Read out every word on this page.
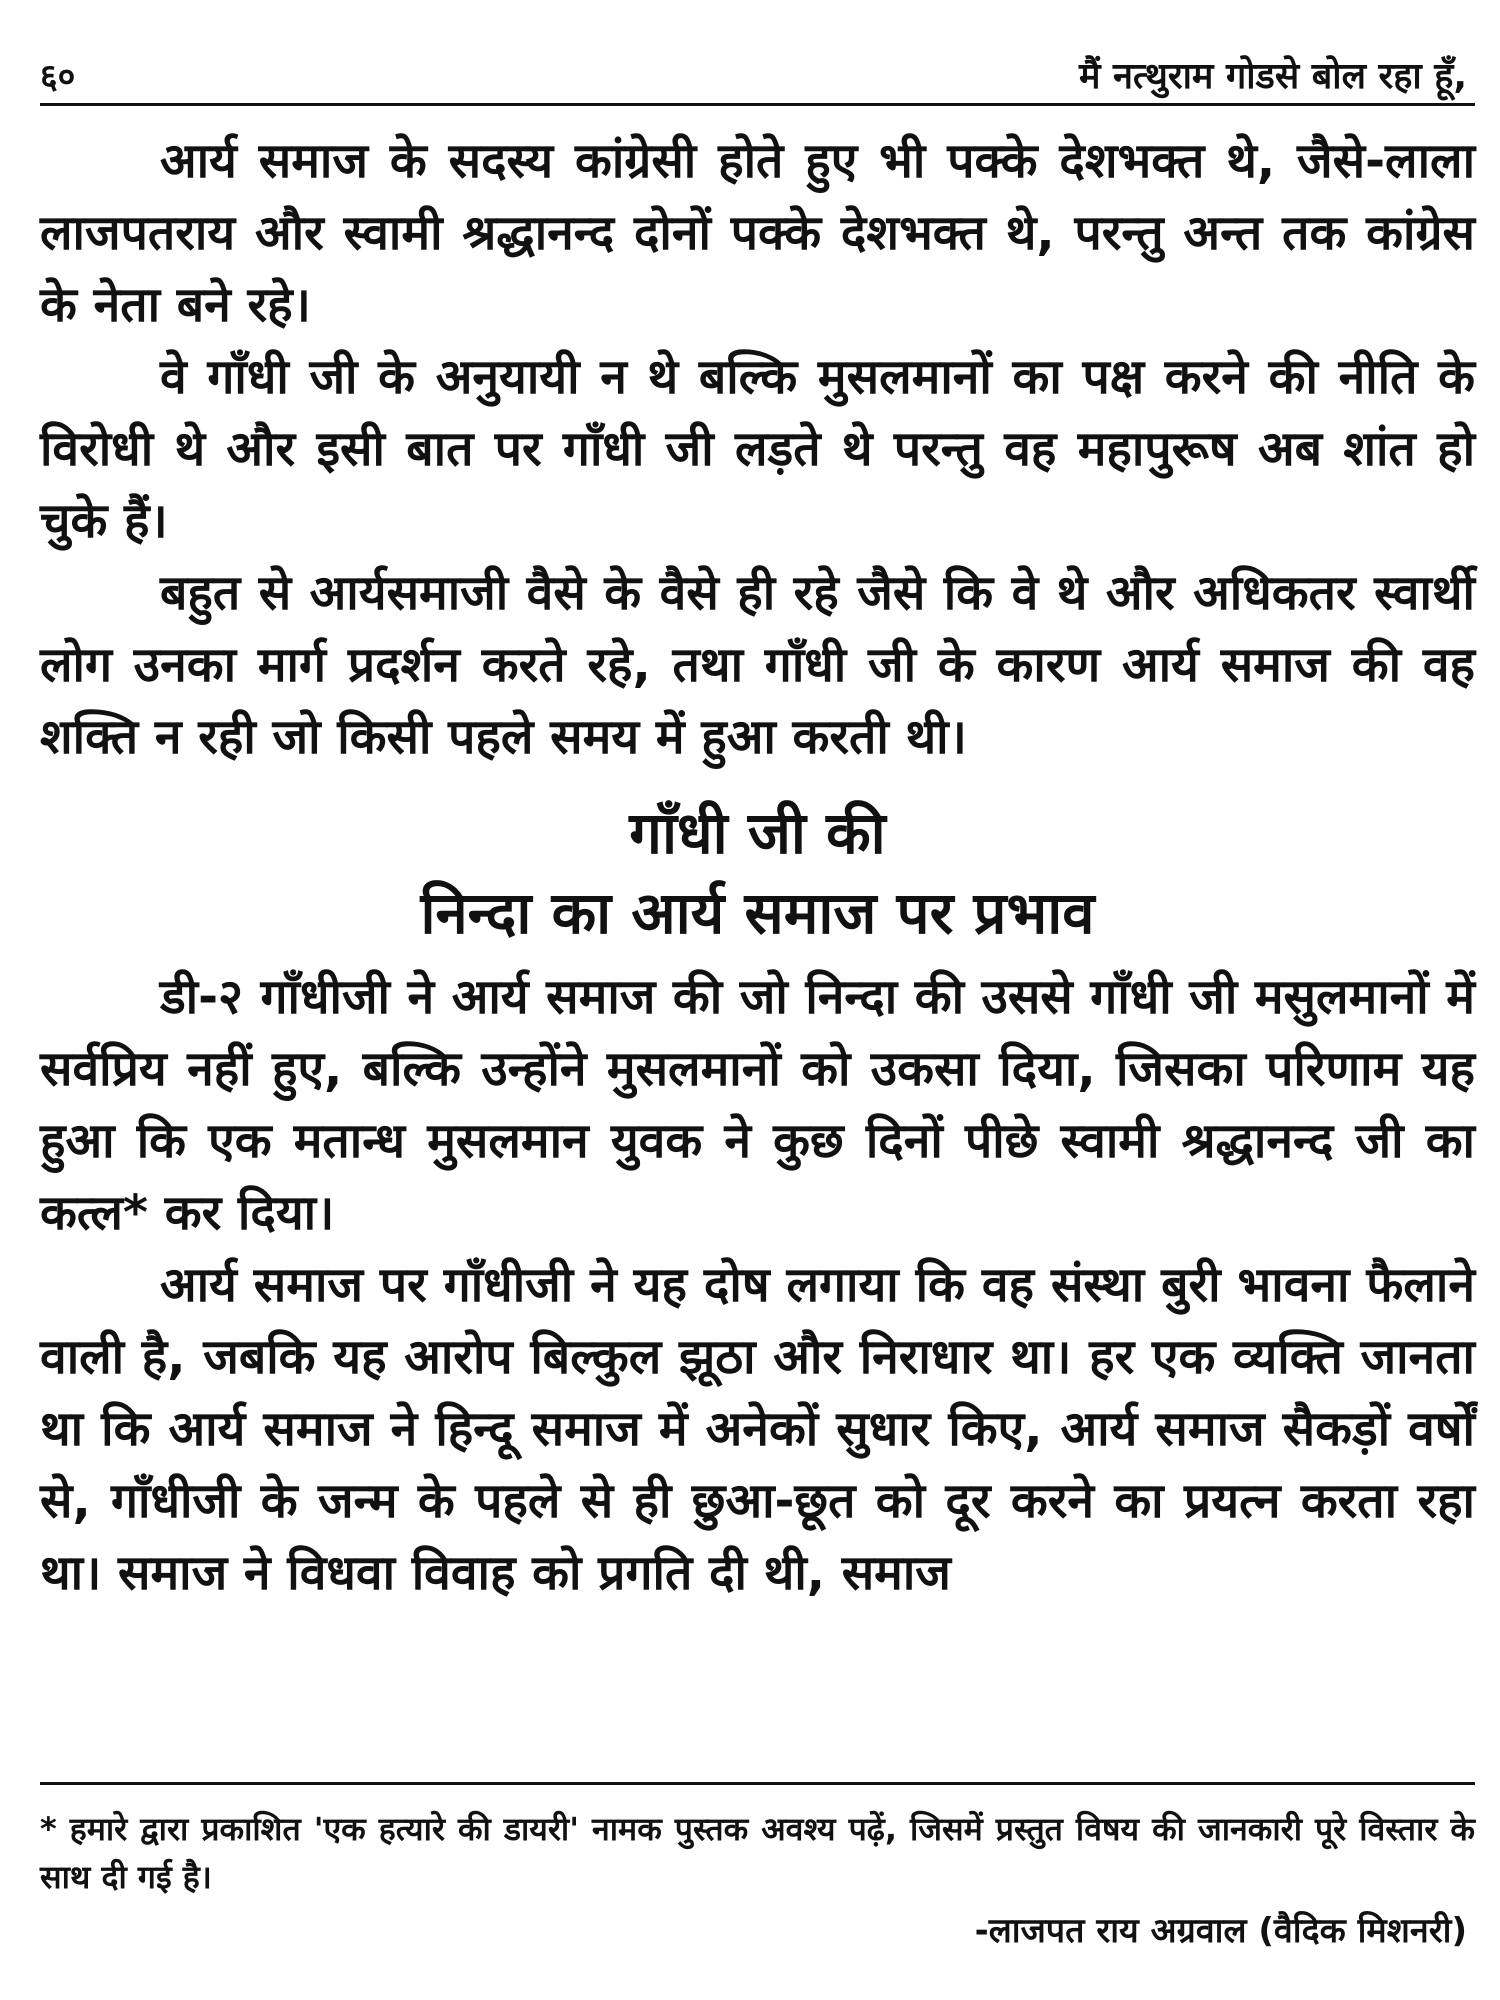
६०	मैं नत्थुराम गोडसे बोल रहा हूँ,

आर्य समाज के सदस्य कांग्रेसी होते हुए भी पक्के देशभक्त थे, जैसे-लाला लाजपतराय और स्वामी श्रद्धानन्द दोनों पक्के देशभक्त थे, परन्तु अन्त तक कांग्रेस के नेता बने रहे।

वे गाँधी जी के अनुयायी न थे बल्कि मुसलमानों का पक्ष करने की नीति के विरोधी थे और इसी बात पर गाँधी जी लड़ते थे परन्तु वह महापुरूष अब शांत हो चुके हैं।

बहुत से आर्यसमाजी वैसे के वैसे ही रहे जैसे कि वे थे और अधिकतर स्वार्थी लोग उनका मार्ग प्रदर्शन करते रहे, तथा गाँधी जी के कारण आर्य समाज की वह शक्ति न रही जो किसी पहले समय में हुआ करती थी।

गाँधी जी की
निन्दा का आर्य समाज पर प्रभाव

डी-२ गाँधीजी ने आर्य समाज की जो निन्दा की उससे गाँधी जी मसुलमानों में सर्वप्रिय नहीं हुए, बल्कि उन्होंने मुसलमानों को उकसा दिया, जिसका परिणाम यह हुआ कि एक मतान्ध मुसलमान युवक ने कुछ दिनों पीछे स्वामी श्रद्धानन्द जी का कत्ल* कर दिया।

आर्य समाज पर गाँधीजी ने यह दोष लगाया कि वह संस्था बुरी भावना फैलाने वाली है, जबकि यह आरोप बिल्कुल झूठा और निराधार था। हर एक व्यक्ति जानता था कि आर्य समाज ने हिन्दू समाज में अनेकों सुधार किए, आर्य समाज सैकड़ों वर्षों से, गाँधीजी के जन्म के पहले से ही छुआ-छूत को दूर करने का प्रयत्न करता रहा था। समाज ने विधवा विवाह को प्रगति दी थी, समाज

* हमारे द्वारा प्रकाशित 'एक हत्यारे की डायरी' नामक पुस्तक अवश्य पढ़ें, जिसमें प्रस्तुत विषय की जानकारी पूरे विस्तार के साथ दी गई है।

-लाजपत राय अग्रवाल (वैदिक मिशनरी)
